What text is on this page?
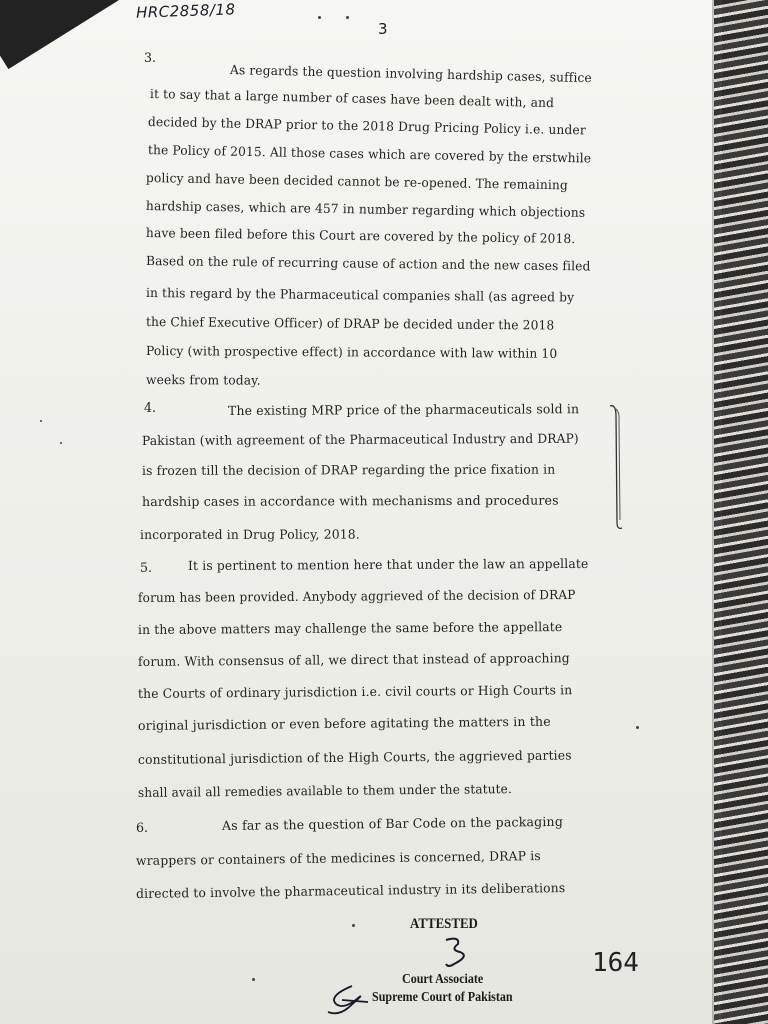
HRC2858/18
3
3.
As regards the question involving hardship cases, suffice
it to say that a large number of cases have been dealt with, and
decided by the DRAP prior to the 2018 Drug Pricing Policy i.e. under
the Policy of 2015. All those cases which are covered by the erstwhile
policy and have been decided cannot be re-opened. The remaining
hardship cases, which are 457 in number regarding which objections
have been filed before this Court are covered by the policy of 2018.
Based on the rule of recurring cause of action and the new cases filed
in this regard by the Pharmaceutical companies shall (as agreed by
the Chief Executive Officer) of DRAP be decided under the 2018
Policy (with prospective effect) in accordance with law within 10
weeks from today.
4.	The existing MRP price of the pharmaceuticals sold in
Pakistan (with agreement of the Pharmaceutical Industry and DRAP)
is frozen till the decision of DRAP regarding the price fixation in
hardship cases in accordance with mechanisms and procedures
incorporated in Drug Policy, 2018.
5.	It is pertinent to mention here that under the law an appellate
forum has been provided. Anybody aggrieved of the decision of DRAP
in the above matters may challenge the same before the appellate
forum. With consensus of all, we direct that instead of approaching
the Courts of ordinary jurisdiction i.e. civil courts or High Courts in
original jurisdiction or even before agitating the matters in the
constitutional jurisdiction of the High Courts, the aggrieved parties
shall avail all remedies available to them under the statute.
6.	As far as the question of Bar Code on the packaging
wrappers or containers of the medicines is concerned, DRAP is
directed to involve the pharmaceutical industry in its deliberations
ATTESTED
Court Associate
Supreme Court of Pakistan
164
